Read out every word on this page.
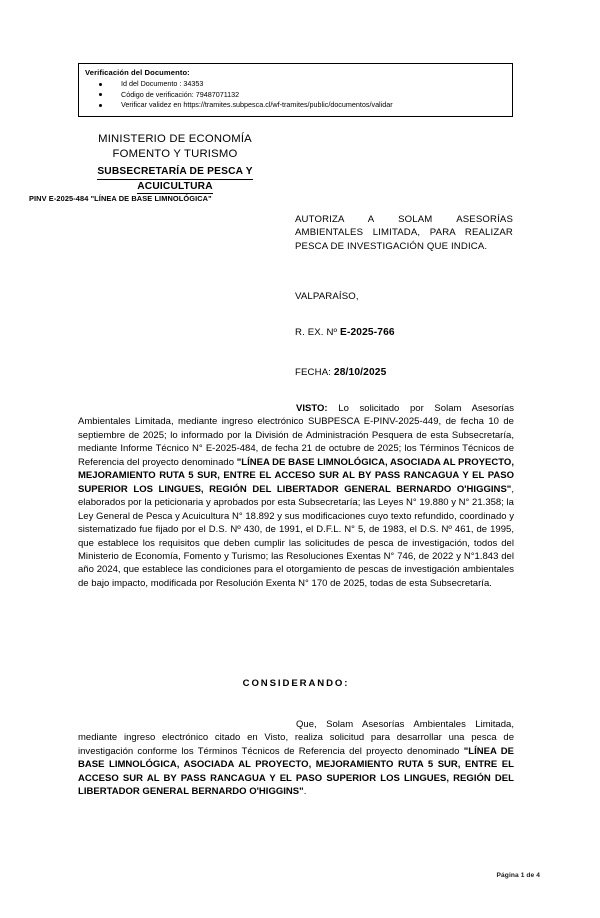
Verificación del Documento:
Id del Documento : 34353
Código de verificación: 79487071132
Verificar validez en https://tramites.subpesca.cl/wf-tramites/public/documentos/validar
MINISTERIO DE ECONOMÍA
FOMENTO Y TURISMO
SUBSECRETARÍA DE PESCA Y
ACUICULTURA
PINV E-2025-484 "LÍNEA DE BASE LIMNOLÓGICA"
AUTORIZA A SOLAM ASESORÍAS AMBIENTALES LIMITADA, PARA REALIZAR PESCA DE INVESTIGACIÓN QUE INDICA.
VALPARAÍSO,
R. EX. Nº E-2025-766
FECHA: 28/10/2025

VISTO: Lo solicitado por Solam Asesorías Ambientales Limitada, mediante ingreso electrónico SUBPESCA E-PINV-2025-449, de fecha 10 de septiembre de 2025; lo informado por la División de Administración Pesquera de esta Subsecretaría, mediante Informe Técnico N° E-2025-484, de fecha 21 de octubre de 2025; los Términos Técnicos de Referencia del proyecto denominado "LÍNEA DE BASE LIMNOLÓGICA, ASOCIADA AL PROYECTO, MEJORAMIENTO RUTA 5 SUR, ENTRE EL ACCESO SUR AL BY PASS RANCAGUA Y EL PASO SUPERIOR LOS LINGUES, REGIÓN DEL LIBERTADOR GENERAL BERNARDO O'HIGGINS", elaborados por la peticionaria y aprobados por esta Subsecretaría; las Leyes N° 19.880 y N° 21.358; la Ley General de Pesca y Acuicultura N° 18.892 y sus modificaciones cuyo texto refundido, coordinado y sistematizado fue fijado por el D.S. Nº 430, de 1991, el D.F.L. N° 5, de 1983, el D.S. Nº 461, de 1995, que establece los requisitos que deben cumplir las solicitudes de pesca de investigación, todos del Ministerio de Economía, Fomento y Turismo; las Resoluciones Exentas N° 746, de 2022 y N°1.843 del año 2024, que establece las condiciones para el otorgamiento de pescas de investigación ambientales de bajo impacto, modificada por Resolución Exenta N° 170 de 2025, todas de esta Subsecretaría.

CONSIDERANDO:

Que, Solam Asesorías Ambientales Limitada, mediante ingreso electrónico citado en Visto, realiza solicitud para desarrollar una pesca de investigación conforme los Términos Técnicos de Referencia del proyecto denominado "LÍNEA DE BASE LIMNOLÓGICA, ASOCIADA AL PROYECTO, MEJORAMIENTO RUTA 5 SUR, ENTRE EL ACCESO SUR AL BY PASS RANCAGUA Y EL PASO SUPERIOR LOS LINGUES, REGIÓN DEL LIBERTADOR GENERAL BERNARDO O'HIGGINS".

Página 1 de 4
